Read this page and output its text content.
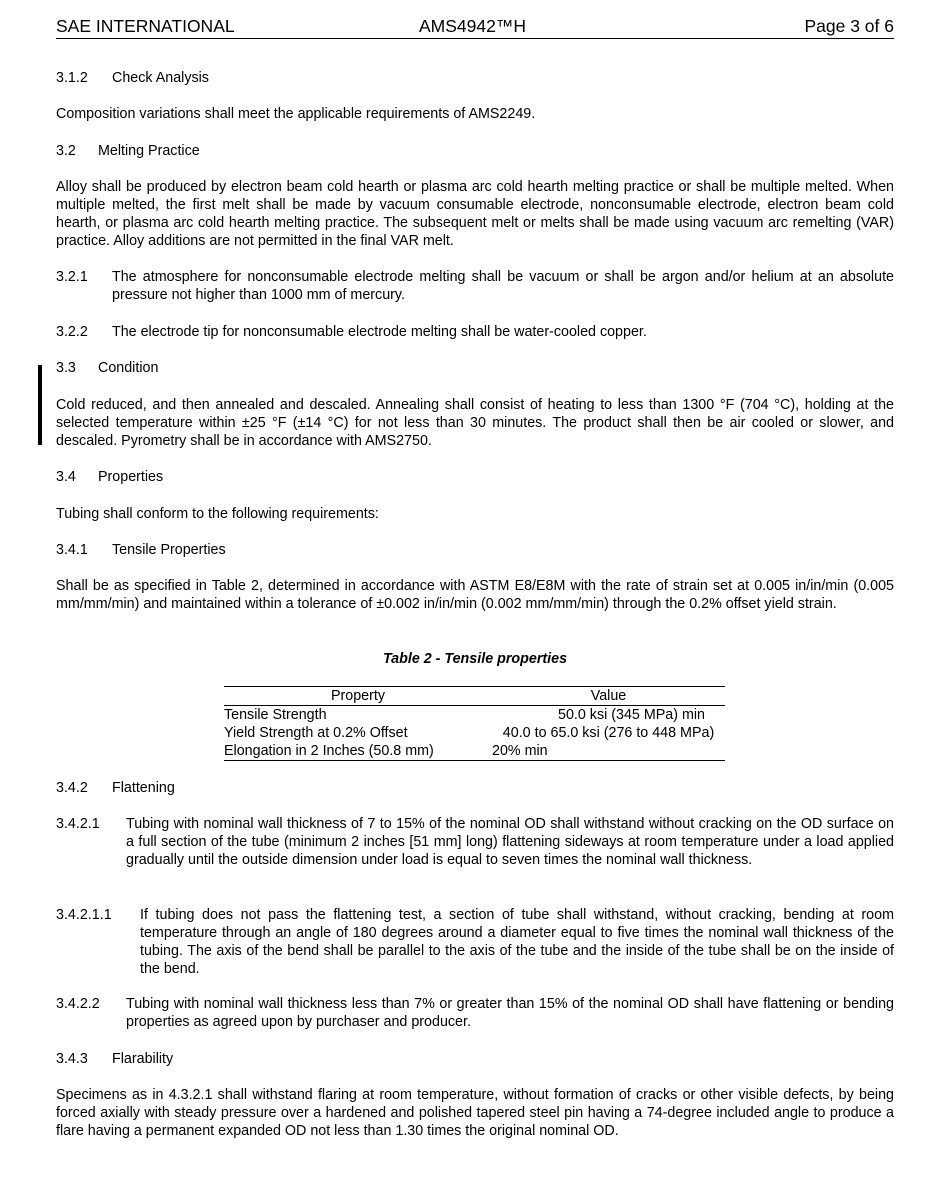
SAE INTERNATIONAL	AMS4942™H	Page 3 of 6
3.1.2 Check Analysis
Composition variations shall meet the applicable requirements of AMS2249.
3.2 Melting Practice
Alloy shall be produced by electron beam cold hearth or plasma arc cold hearth melting practice or shall be multiple melted. When multiple melted, the first melt shall be made by vacuum consumable electrode, nonconsumable electrode, electron beam cold hearth, or plasma arc cold hearth melting practice. The subsequent melt or melts shall be made using vacuum arc remelting (VAR) practice. Alloy additions are not permitted in the final VAR melt.
3.2.1 The atmosphere for nonconsumable electrode melting shall be vacuum or shall be argon and/or helium at an absolute pressure not higher than 1000 mm of mercury.
3.2.2 The electrode tip for nonconsumable electrode melting shall be water-cooled copper.
3.3 Condition
Cold reduced, and then annealed and descaled. Annealing shall consist of heating to less than 1300 °F (704 °C), holding at the selected temperature within ±25 °F (±14 °C) for not less than 30 minutes. The product shall then be air cooled or slower, and descaled. Pyrometry shall be in accordance with AMS2750.
3.4 Properties
Tubing shall conform to the following requirements:
3.4.1 Tensile Properties
Shall be as specified in Table 2, determined in accordance with ASTM E8/E8M with the rate of strain set at 0.005 in/in/min (0.005 mm/mm/min) and maintained within a tolerance of ±0.002 in/in/min (0.002 mm/mm/min) through the 0.2% offset yield strain.
Table 2 - Tensile properties
Property	Value
Tensile Strength	50.0 ksi (345 MPa) min
Yield Strength at 0.2% Offset	40.0 to 65.0 ksi (276 to 448 MPa)
Elongation in 2 Inches (50.8 mm)	20% min
3.4.2 Flattening
3.4.2.1 Tubing with nominal wall thickness of 7 to 15% of the nominal OD shall withstand without cracking on the OD surface on a full section of the tube (minimum 2 inches [51 mm] long) flattening sideways at room temperature under a load applied gradually until the outside dimension under load is equal to seven times the nominal wall thickness.
3.4.2.1.1 If tubing does not pass the flattening test, a section of tube shall withstand, without cracking, bending at room temperature through an angle of 180 degrees around a diameter equal to five times the nominal wall thickness of the tubing. The axis of the bend shall be parallel to the axis of the tube and the inside of the tube shall be on the inside of the bend.
3.4.2.2 Tubing with nominal wall thickness less than 7% or greater than 15% of the nominal OD shall have flattening or bending properties as agreed upon by purchaser and producer.
3.4.3 Flarability
Specimens as in 4.3.2.1 shall withstand flaring at room temperature, without formation of cracks or other visible defects, by being forced axially with steady pressure over a hardened and polished tapered steel pin having a 74-degree included angle to produce a flare having a permanent expanded OD not less than 1.30 times the original nominal OD.
